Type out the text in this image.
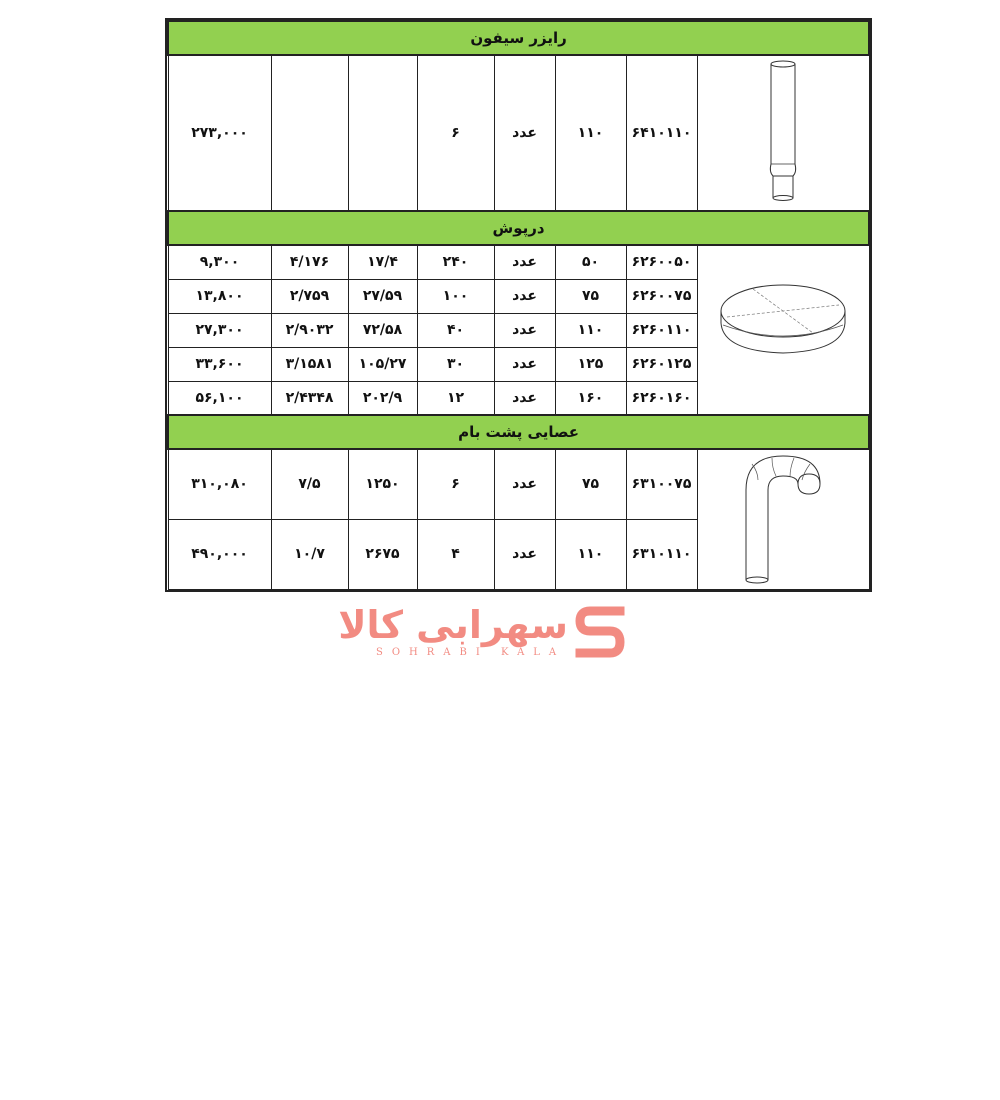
رایزر سیفون							
۲۷۳,۰۰۰			۶	عدد	۱۱۰	۶۴۱۰۱۱۰	
درپوش							
۹,۳۰۰	۴/۱۷۶	۱۷/۴	۲۴۰	عدد	۵۰	۶۲۶۰۰۵۰	
۱۳,۸۰۰	۲/۷۵۹	۲۷/۵۹	۱۰۰	عدد	۷۵	۶۲۶۰۰۷۵	
۲۷,۳۰۰	۲/۹۰۳۲	۷۲/۵۸	۴۰	عدد	۱۱۰	۶۲۶۰۱۱۰	
۳۳,۶۰۰	۳/۱۵۸۱	۱۰۵/۲۷	۳۰	عدد	۱۲۵	۶۲۶۰۱۲۵	
۵۶,۱۰۰	۲/۴۳۴۸	۲۰۲/۹	۱۲	عدد	۱۶۰	۶۲۶۰۱۶۰	
عصایی پشت بام							
۳۱۰,۰۸۰	۷/۵	۱۲۵۰	۶	عدد	۷۵	۶۳۱۰۰۷۵	
۴۹۰,۰۰۰	۱۰/۷	۲۶۷۵	۴	عدد	۱۱۰	۶۳۱۰۱۱۰	
سهرابی کالا
SOHRABI KALA
